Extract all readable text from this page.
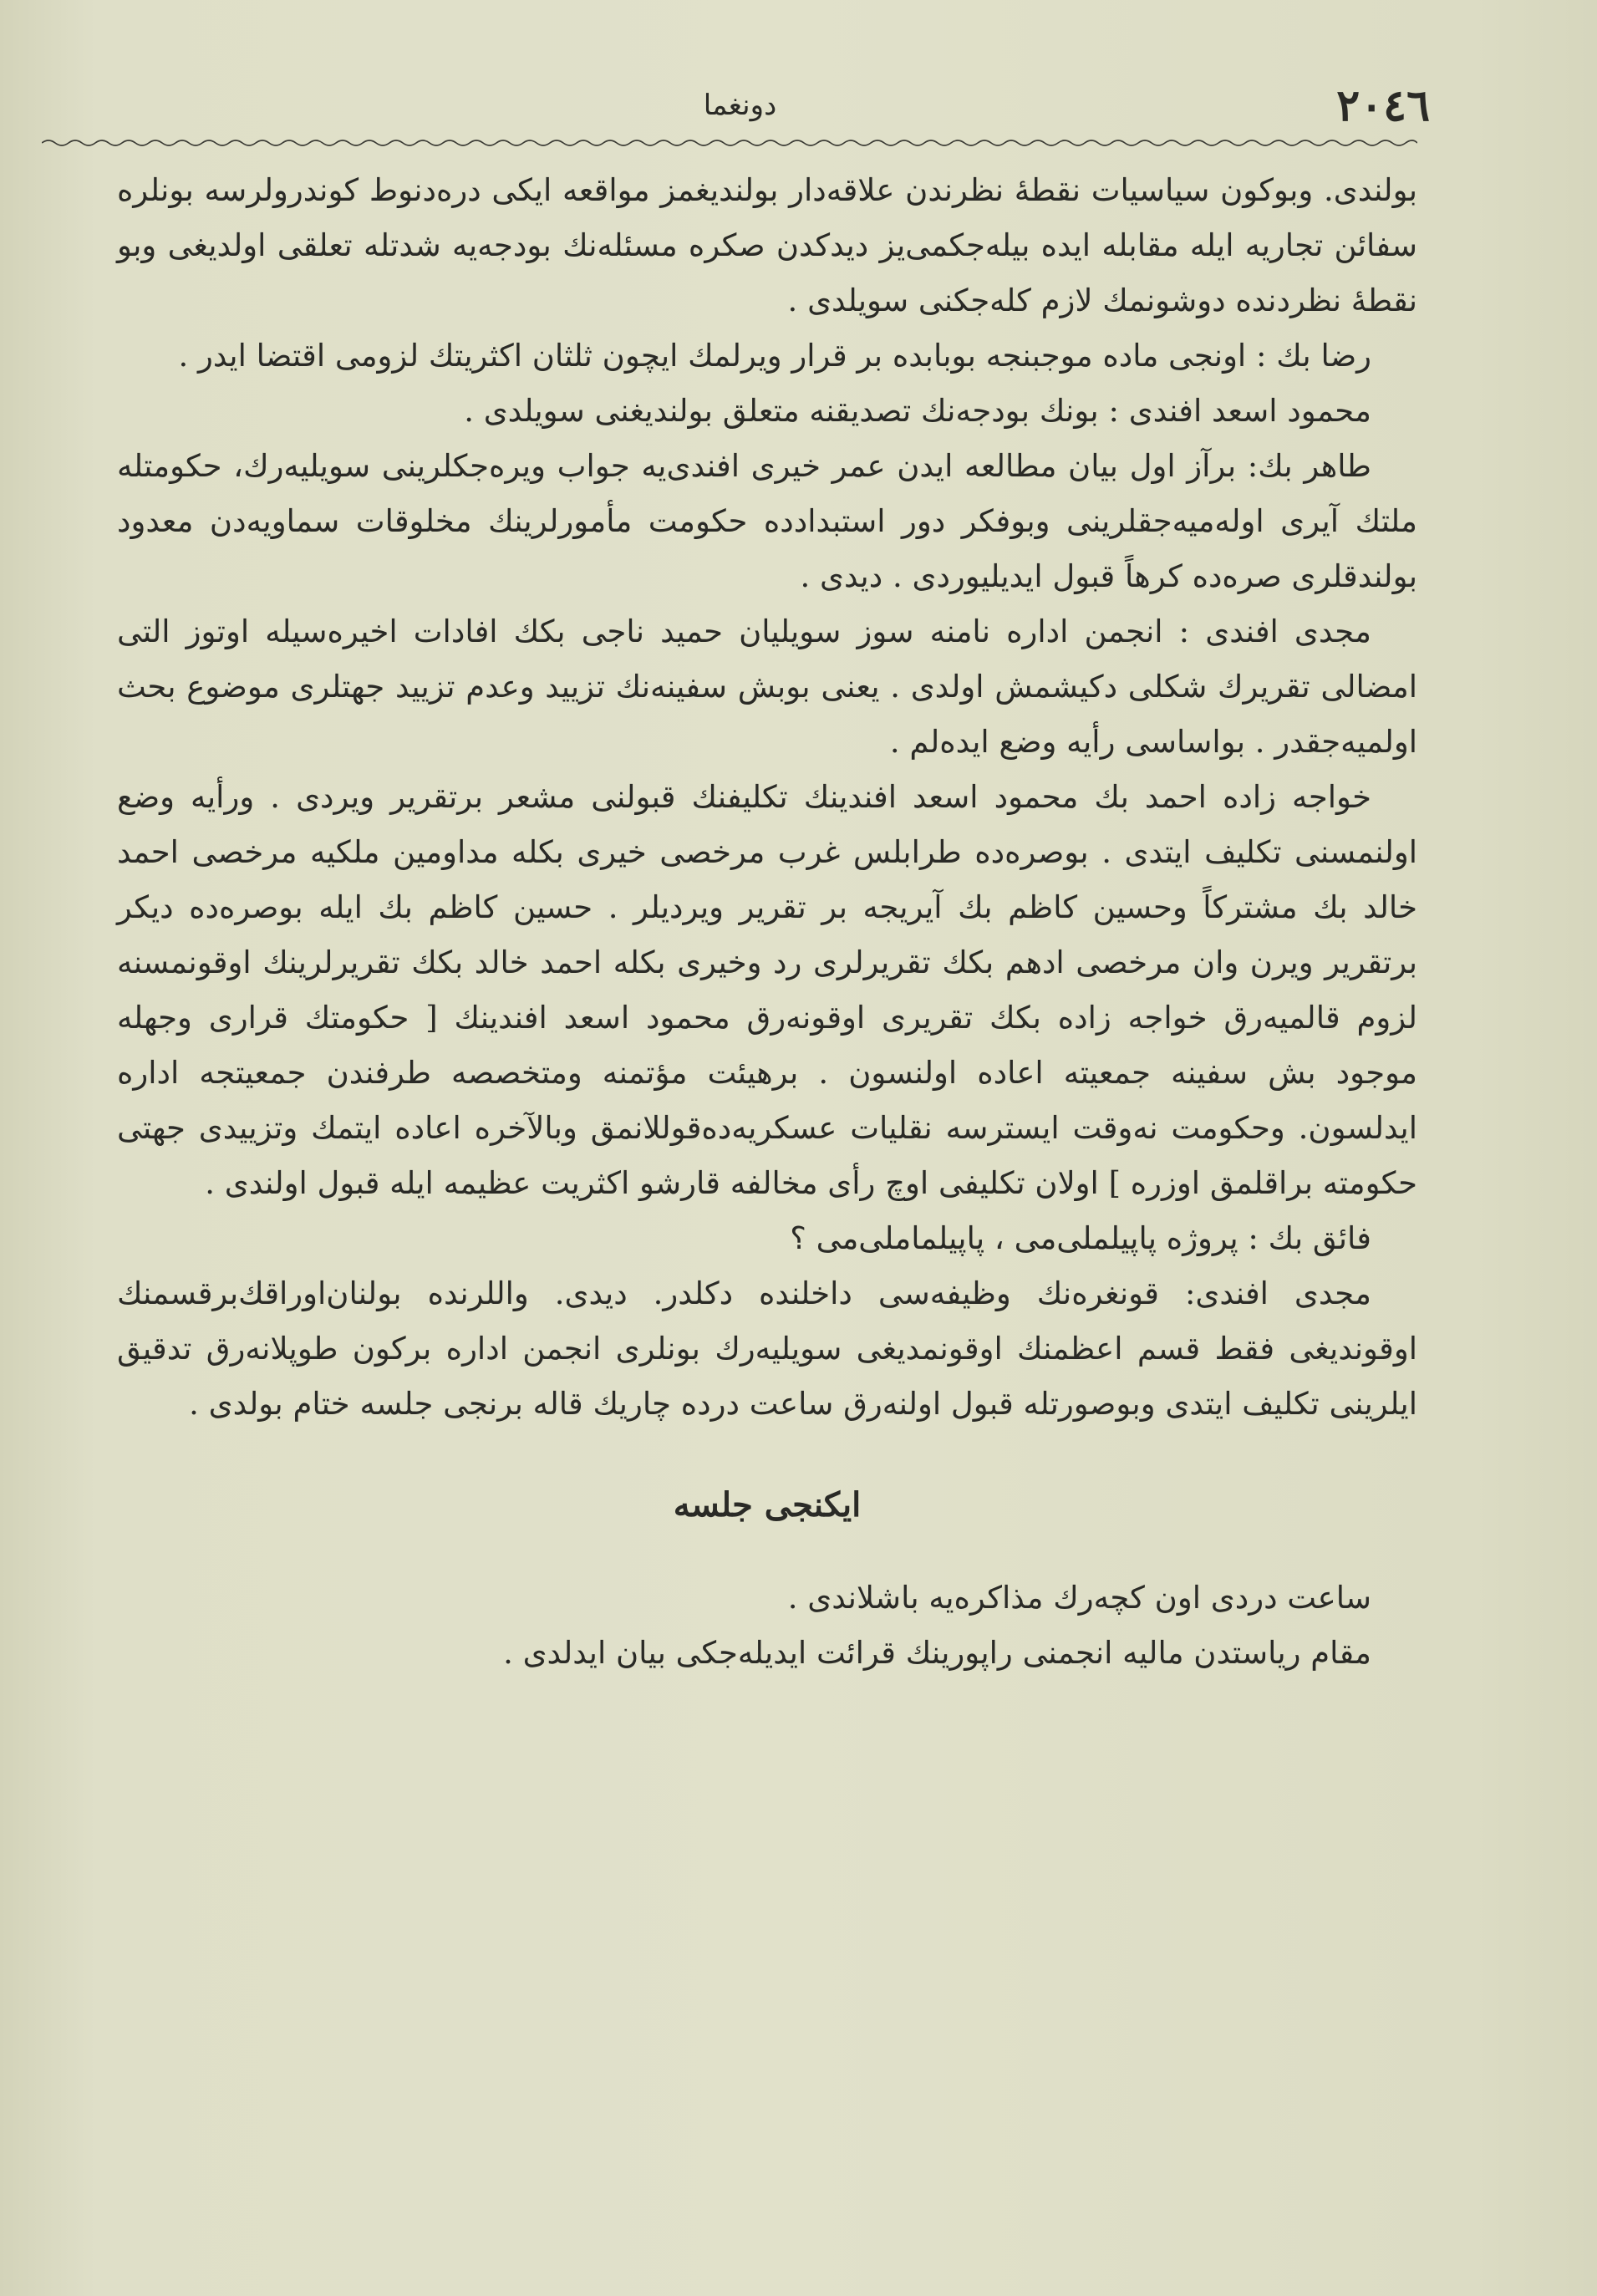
٢٠٤٦
دونغما

بولندی. وبوكون سیاسیات نقطهٔ نظرندن علاقه‌دار بولندیغمز مواقعه ایكی دره‌دنوط كوندرولرسه بونلره سفائن تجاریه ایله مقابله ایده بیله‌جكمی‌یز دیدكدن صكره مسئله‌نك بودجه‌یه شدتله تعلقی اولدیغی وبو نقطهٔ نظردنده دوشونمك لازم كله‌جكنی سویلدی .

رضا بك : اونجی ماده موجبنجه بوبابده بر قرار ویرلمك ایچون ثلثان اكثریتك لزومی اقتضا ایدر .

محمود اسعد افندی : بونك بودجه‌نك تصدیقنه متعلق بولندیغنی سویلدی .

طاهر بك: برآز اول بیان مطالعه ایدن عمر خیری افندی‌یه جواب ویره‌جكلرینی سویلیه‌رك، حكومتله ملتك آیری اوله‌میه‌جقلرینی وبوفكر دور استبدادده حكومت مأمورلرینك مخلوقات سماویه‌دن معدود بولندقلری صره‌ده كرهاً قبول ایدیلیوردی . دیدی .

مجدی افندی : انجمن اداره نامنه سوز سویلیان حمید ناجی بكك افادات اخیره‌سیله اوتوز التی امضالی تقریرك شكلی دكیشمش اولدی . یعنی بوبش سفینه‌نك تزیید وعدم تزیید جهتلری موضوع بحث اولمیه‌جقدر . بواساسی رأیه وضع ایده‌لم .

خواجه زاده احمد بك محمود اسعد افندینك تكلیفنك قبولنی مشعر برتقریر ویردی . ورأیه وضع اولنمسنی تكلیف ایتدی . بوصره‌ده طرابلس غرب مرخصی خیری بكله مداومین ملكیه مرخصی احمد خالد بك مشتركاً وحسین كاظم بك آیریجه بر تقریر ویردیلر . حسین كاظم بك ایله بوصره‌ده دیكر برتقریر ویرن وان مرخصی ادهم بكك تقریرلری رد وخیری بكله احمد خالد بكك تقریرلرینك اوقونمسنه لزوم قالمیه‌رق خواجه زاده بكك تقریری اوقونه‌رق محمود اسعد افندینك [ حكومتك قراری وجهله موجود بش سفینه جمعیته اعاده اولنسون . برهیئت مؤتمنه ومتخصصه طرفندن جمعیتجه اداره ایدلسون. وحكومت نه‌وقت ایسترسه نقلیات عسكریه‌ده‌قوللانمق وبالآخره اعاده ایتمك وتزییدی جهتی حكومته براقلمق اوزره ] اولان تكلیفی اوچ رأی مخالفه قارشو اكثریت عظیمه ایله قبول اولندی .

فائق بك : پروژه پاپیلملی‌می ، پاپیلماملی‌می ؟

مجدی افندی: قونغره‌نك وظیفه‌سی داخلنده دكلدر. دیدی. واللرنده بولنان‌اوراقك‌برقسمنك اوقوندیغی فقط قسم اعظمنك اوقونمدیغی سویلیه‌رك بونلری انجمن اداره بركون طوپلانه‌رق تدقیق ایلرینی تكلیف ایتدی وبوصورتله قبول اولنه‌رق ساعت درده چاریك قاله برنجی جلسه ختام بولدی .

ایكنجی جلسه

ساعت دردی اون كچه‌رك مذاكره‌یه باشلاندی .

مقام ریاستدن مالیه انجمنی راپورینك قرائت ایدیله‌جكی بیان ایدلدی .
